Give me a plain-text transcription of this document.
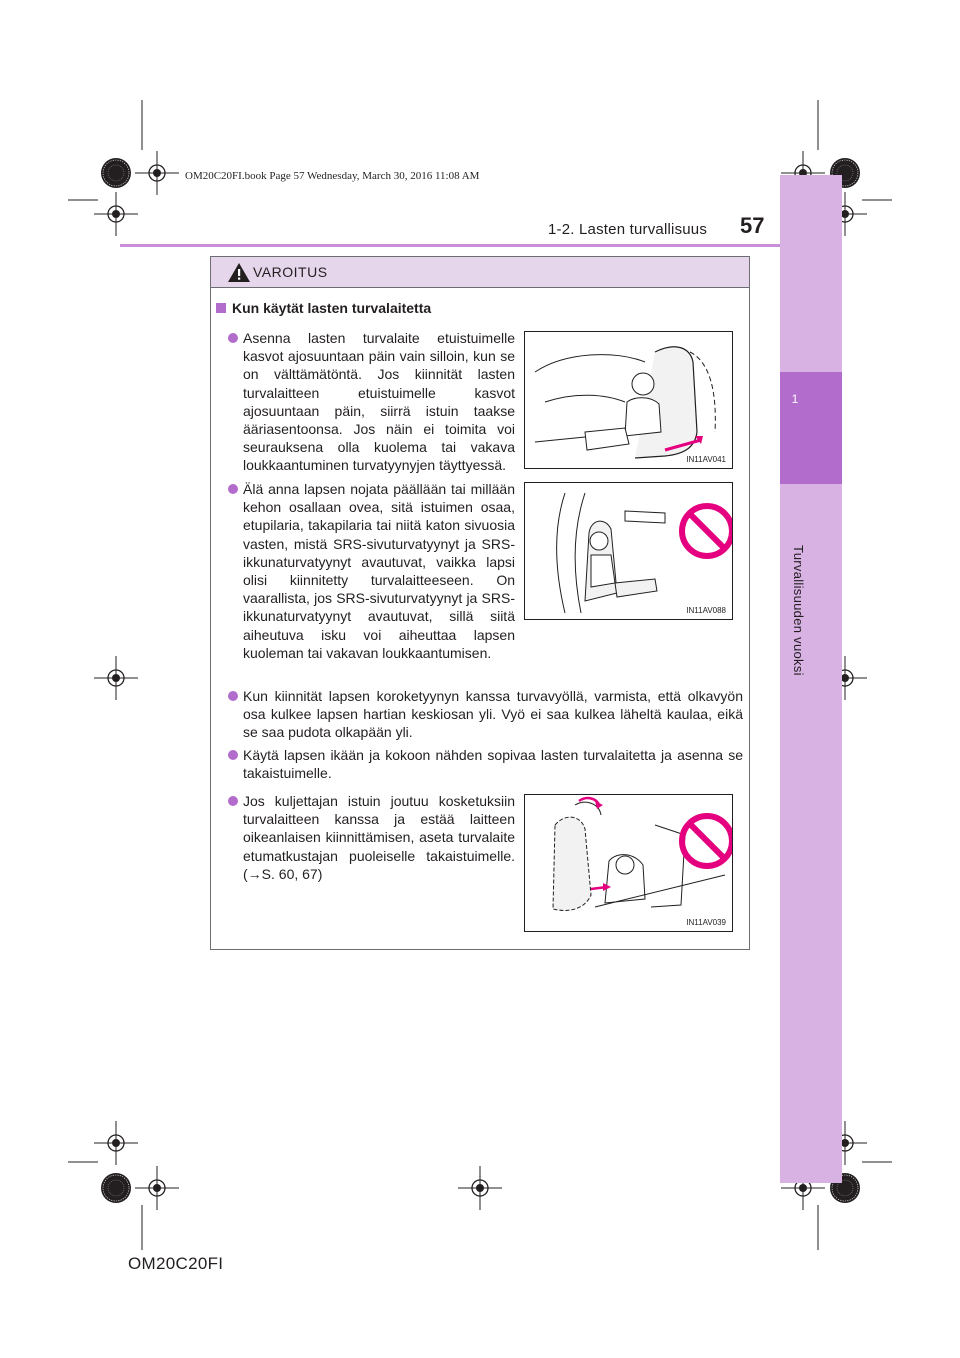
1
Turvallisuuden vuoksi
OM20C20FI.book Page 57 Wednesday, March 30, 2016 11:08 AM
1-2. Lasten turvallisuus 57
VAROITUS
Kun käytät lasten turvalaitetta
Asenna lasten turvalaite etuistuimelle kasvot ajosuuntaan päin vain silloin, kun se on välttämätöntä. Jos kiinnität lasten turvalaitteen etuistuimelle kasvot ajosuuntaan päin, siirrä istuin taakse ääriasentoonsa. Jos näin ei toimita voi seurauksena olla kuolema tai vakava loukkaantuminen turvatyynyjen täyttyessä.	IN11AV041
Älä anna lapsen nojata päällään tai millään kehon osallaan ovea, sitä istuimen osaa, etupilaria, takapilaria tai niitä katon sivuosia vasten, mistä SRS-sivuturvatyynyt ja SRS-ikkunaturvatyynyt avautuvat, vaikka lapsi olisi kiinnitetty turvalaitteeseen. On vaarallista, jos SRS-sivuturvatyynyt ja SRS-ikkunaturvatyynyt avautuvat, sillä siitä aiheutuva isku voi aiheuttaa lapsen kuoleman tai vakavan loukkaantumisen.
IN11AV088
Kun kiinnität lapsen koroketyynyn kanssa turvavyöllä, varmista, että olkavyön osa kulkee lapsen hartian keskiosan yli. Vyö ei saa kulkea läheltä kaulaa, eikä se saa pudota olkapään yli.
Käytä lapsen ikään ja kokoon nähden sopivaa lasten turvalaitetta ja asenna se takaistuimelle.
Jos kuljettajan istuin joutuu kosketuksiin turvalaitteen kanssa ja estää laitteen oikeanlaisen kiinnittämisen, aseta turvalaite etumatkustajan puoleiselle takaistuimelle. (→S. 60, 67)
IN11AV039
OM20C20FI
